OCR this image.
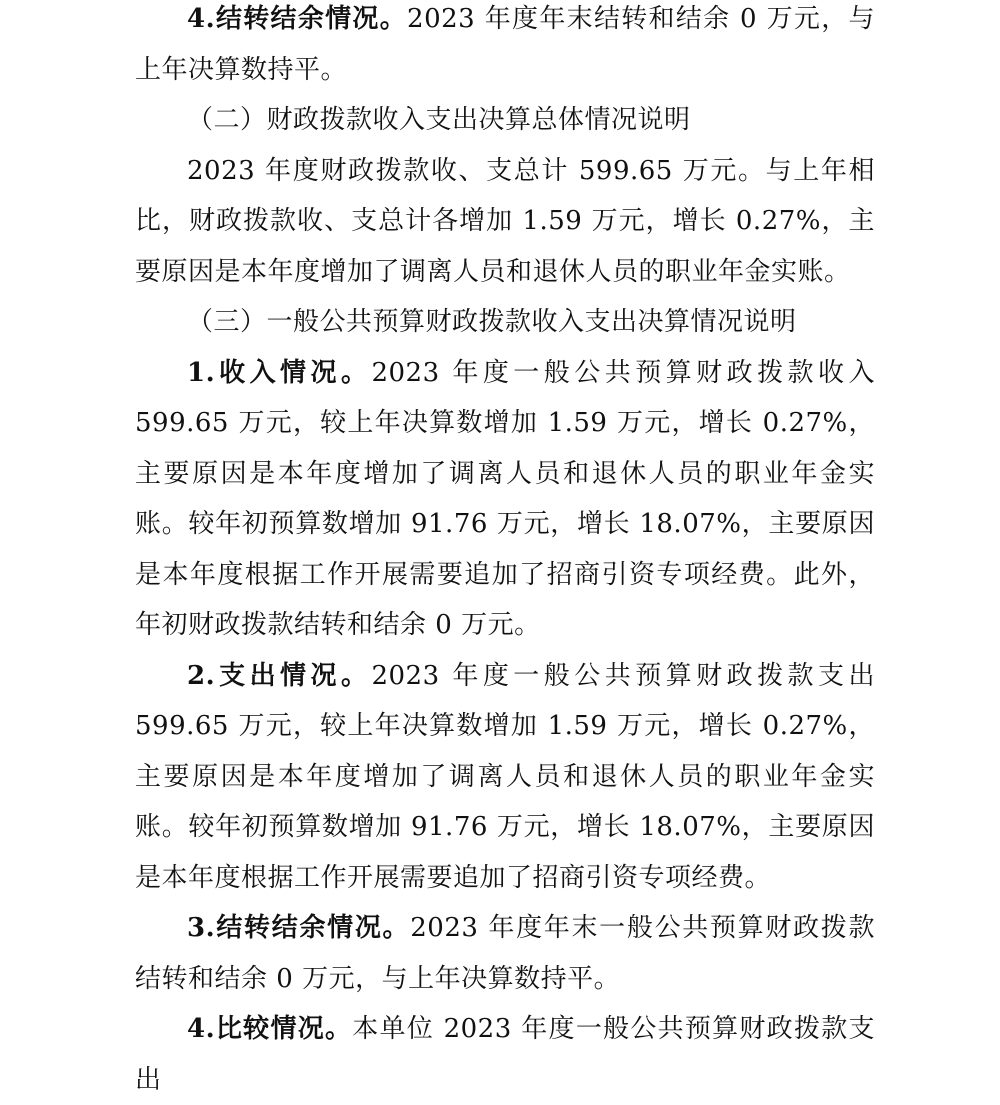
4.结转结余情况。2023 年度年末结转和结余 0 万元，与上年决算数持平。

（二）财政拨款收入支出决算总体情况说明

2023 年度财政拨款收、支总计 599.65 万元。与上年相比，财政拨款收、支总计各增加 1.59 万元，增长 0.27%，主要原因是本年度增加了调离人员和退休人员的职业年金实账。

（三）一般公共预算财政拨款收入支出决算情况说明

1.收入情况。2023 年度一般公共预算财政拨款收入 599.65 万元，较上年决算数增加 1.59 万元，增长 0.27%，主要原因是本年度增加了调离人员和退休人员的职业年金实账。较年初预算数增加 91.76 万元，增长 18.07%，主要原因是本年度根据工作开展需要追加了招商引资专项经费。此外，年初财政拨款结转和结余 0 万元。

2.支出情况。2023 年度一般公共预算财政拨款支出 599.65 万元，较上年决算数增加 1.59 万元，增长 0.27%，主要原因是本年度增加了调离人员和退休人员的职业年金实账。较年初预算数增加 91.76 万元，增长 18.07%，主要原因是本年度根据工作开展需要追加了招商引资专项经费。

3.结转结余情况。2023 年度年末一般公共预算财政拨款结转和结余 0 万元，与上年决算数持平。

4.比较情况。本单位 2023 年度一般公共预算财政拨款支出
